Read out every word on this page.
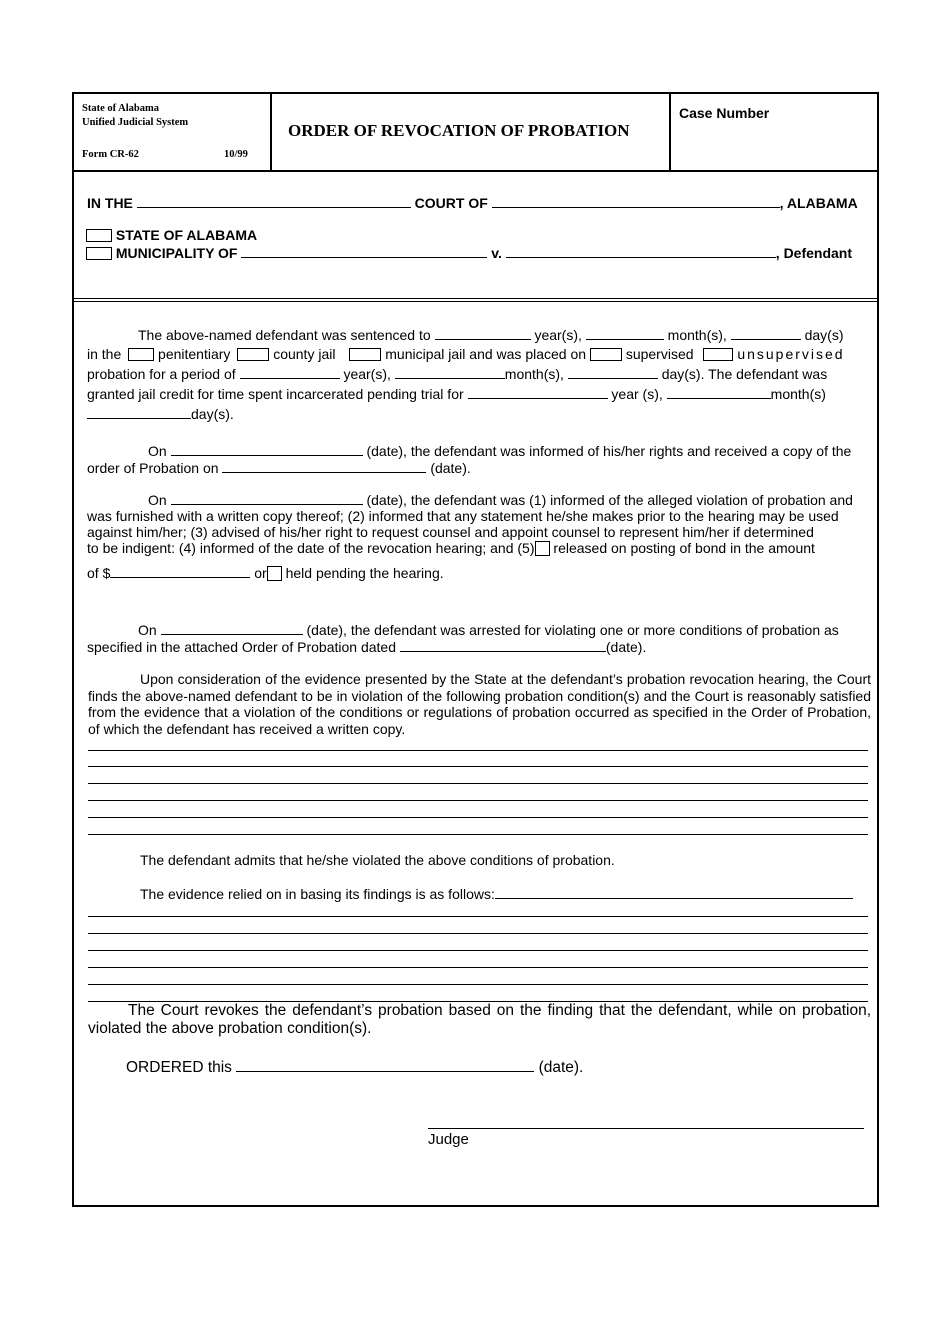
State of Alabama
Unified Judicial System
Form CR-62	10/99
ORDER OF REVOCATION OF PROBATION
Case Number
IN THE	COURT OF	, ALABAMA
STATE OF ALABAMA
MUNICIPALITY OF	v.	, Defendant
The above-named defendant was sentenced to	year(s),	month(s),	day(s)
in the	penitentiary	county jail	municipal jail and was placed on	supervised	unsupervised
probation for a period of	year(s),	month(s),	day(s). The defendant was
granted jail credit for time spent incarcerated pending trial for	year (s),	month(s)
day(s).
On	(date), the defendant was informed of his/her rights and received a copy of the
order of Probation on	(date).
On	(date), the defendant was (1) informed of the alleged violation of probation and
was furnished with a written copy thereof; (2) informed that any statement he/she makes prior to the hearing may be used
against him/her; (3) advised of his/her right to request counsel and appoint counsel to represent him/her if determined
to be indigent: (4) informed of the date of the revocation hearing; and (5) released on posting of bond in the amount
of $	or held pending the hearing.
On	(date), the defendant was arrested for violating one or more conditions of probation as
specified in the attached Order of Probation dated	(date).
Upon consideration of the evidence presented by the State at the defendant’s probation revocation hearing, the Court finds the above-named defendant to be in violation of the following probation condition(s) and the Court is reasonably satisfied from the evidence that a violation of the conditions or regulations of probation occurred as specified in the Order of Probation, of which the defendant has received a written copy.
The defendant admits that he/she violated the above conditions of probation.
The evidence relied on in basing its findings is as follows:
The Court revokes the defendant’s probation based on the finding that the defendant, while on probation, violated the above probation condition(s).
ORDERED this	(date).
Judge
